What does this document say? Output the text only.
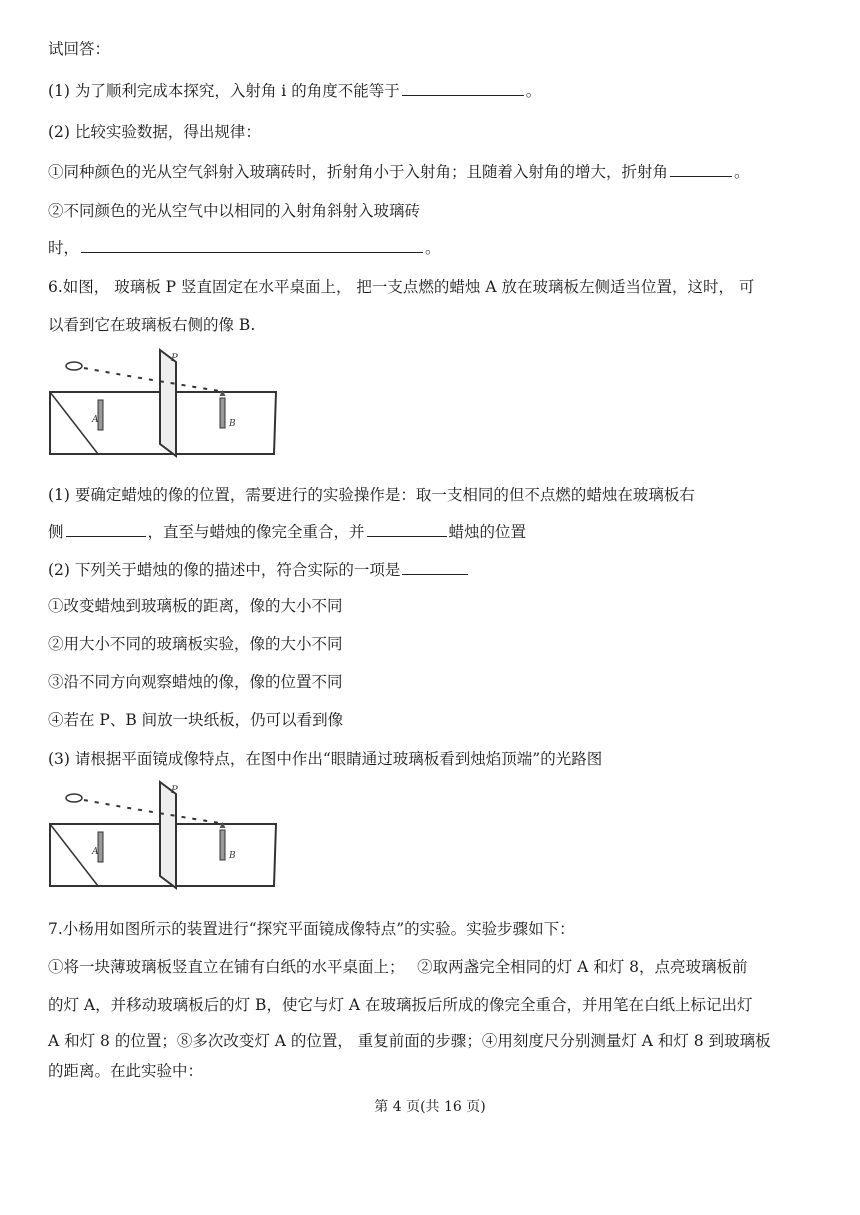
试回答：
(1) 为了顺利完成本探究，入射角 i 的角度不能等于	。
(2) 比较实验数据，得出规律：
①同种颜色的光从空气斜射入玻璃砖时，折射角小于入射角；且随着入射角的增大，折射角	。
②不同颜色的光从空气中以相同的入射角斜射入玻璃砖
时，	。
6.如图， 玻璃板 P 竖直固定在水平桌面上， 把一支点燃的蜡烛 A 放在玻璃板左侧适当位置，这时， 可
以看到它在玻璃板右侧的像 B.
P
A	B
(1) 要确定蜡烛的像的位置，需要进行的实验操作是：取一支相同的但不点燃的蜡烛在玻璃板右
侧	，直至与蜡烛的像完全重合，并	蜡烛的位置
(2) 下列关于蜡烛的像的描述中，符合实际的一项是
①改变蜡烛到玻璃板的距离，像的大小不同
②用大小不同的玻璃板实验，像的大小不同
③沿不同方向观察蜡烛的像，像的位置不同
④若在 P、B 间放一块纸板，仍可以看到像
(3) 请根据平面镜成像特点，在图中作出“眼睛通过玻璃板看到烛焰顶端”的光路图
P
A	B
7.小杨用如图所示的装置进行“探究平面镜成像特点”的实验。实验步骤如下：
①将一块薄玻璃板竖直立在铺有白纸的水平桌面上；　 ②取两盏完全相同的灯 A 和灯 8，点亮玻璃板前
的灯 A，并移动玻璃板后的灯 B，使它与灯 A 在玻璃扳后所成的像完全重合，并用笔在白纸上标记出灯
A 和灯 8 的位置；⑧多次改变灯 A 的位置， 重复前面的步骤；④用刻度尺分别测量灯 A 和灯 8 到玻璃板
的距离。在此实验中：
第 4 页(共 16 页)
